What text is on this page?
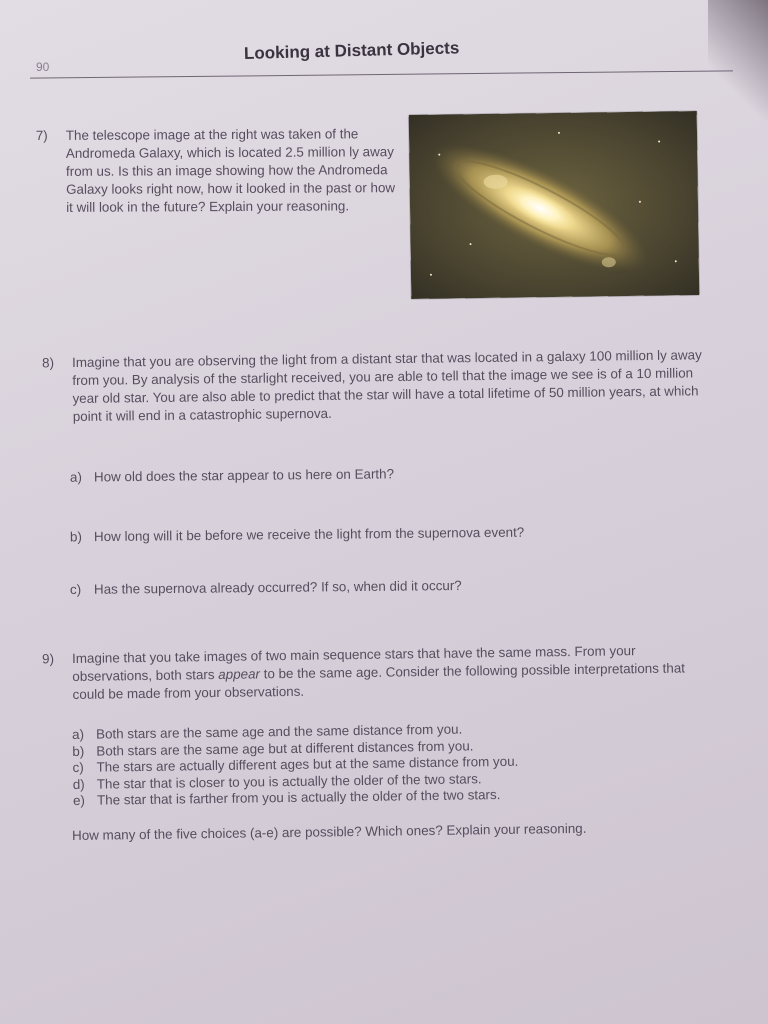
90
Looking at Distant Objects
7) The telescope image at the right was taken of the Andromeda Galaxy, which is located 2.5 million ly away from us. Is this an image showing how the Andromeda Galaxy looks right now, how it looked in the past or how it will look in the future? Explain your reasoning.
8) Imagine that you are observing the light from a distant star that was located in a galaxy 100 million ly away from you. By analysis of the starlight received, you are able to tell that the image we see is of a 10 million year old star. You are also able to predict that the star will have a total lifetime of 50 million years, at which point it will end in a catastrophic supernova.
a) How old does the star appear to us here on Earth?
b) How long will it be before we receive the light from the supernova event?
c) Has the supernova already occurred? If so, when did it occur?
9) Imagine that you take images of two main sequence stars that have the same mass. From your observations, both stars appear to be the same age. Consider the following possible interpretations that could be made from your observations.
a) Both stars are the same age and the same distance from you.
b) Both stars are the same age but at different distances from you.
c) The stars are actually different ages but at the same distance from you.
d) The star that is closer to you is actually the older of the two stars.
e) The star that is farther from you is actually the older of the two stars.
How many of the five choices (a-e) are possible? Which ones? Explain your reasoning.
